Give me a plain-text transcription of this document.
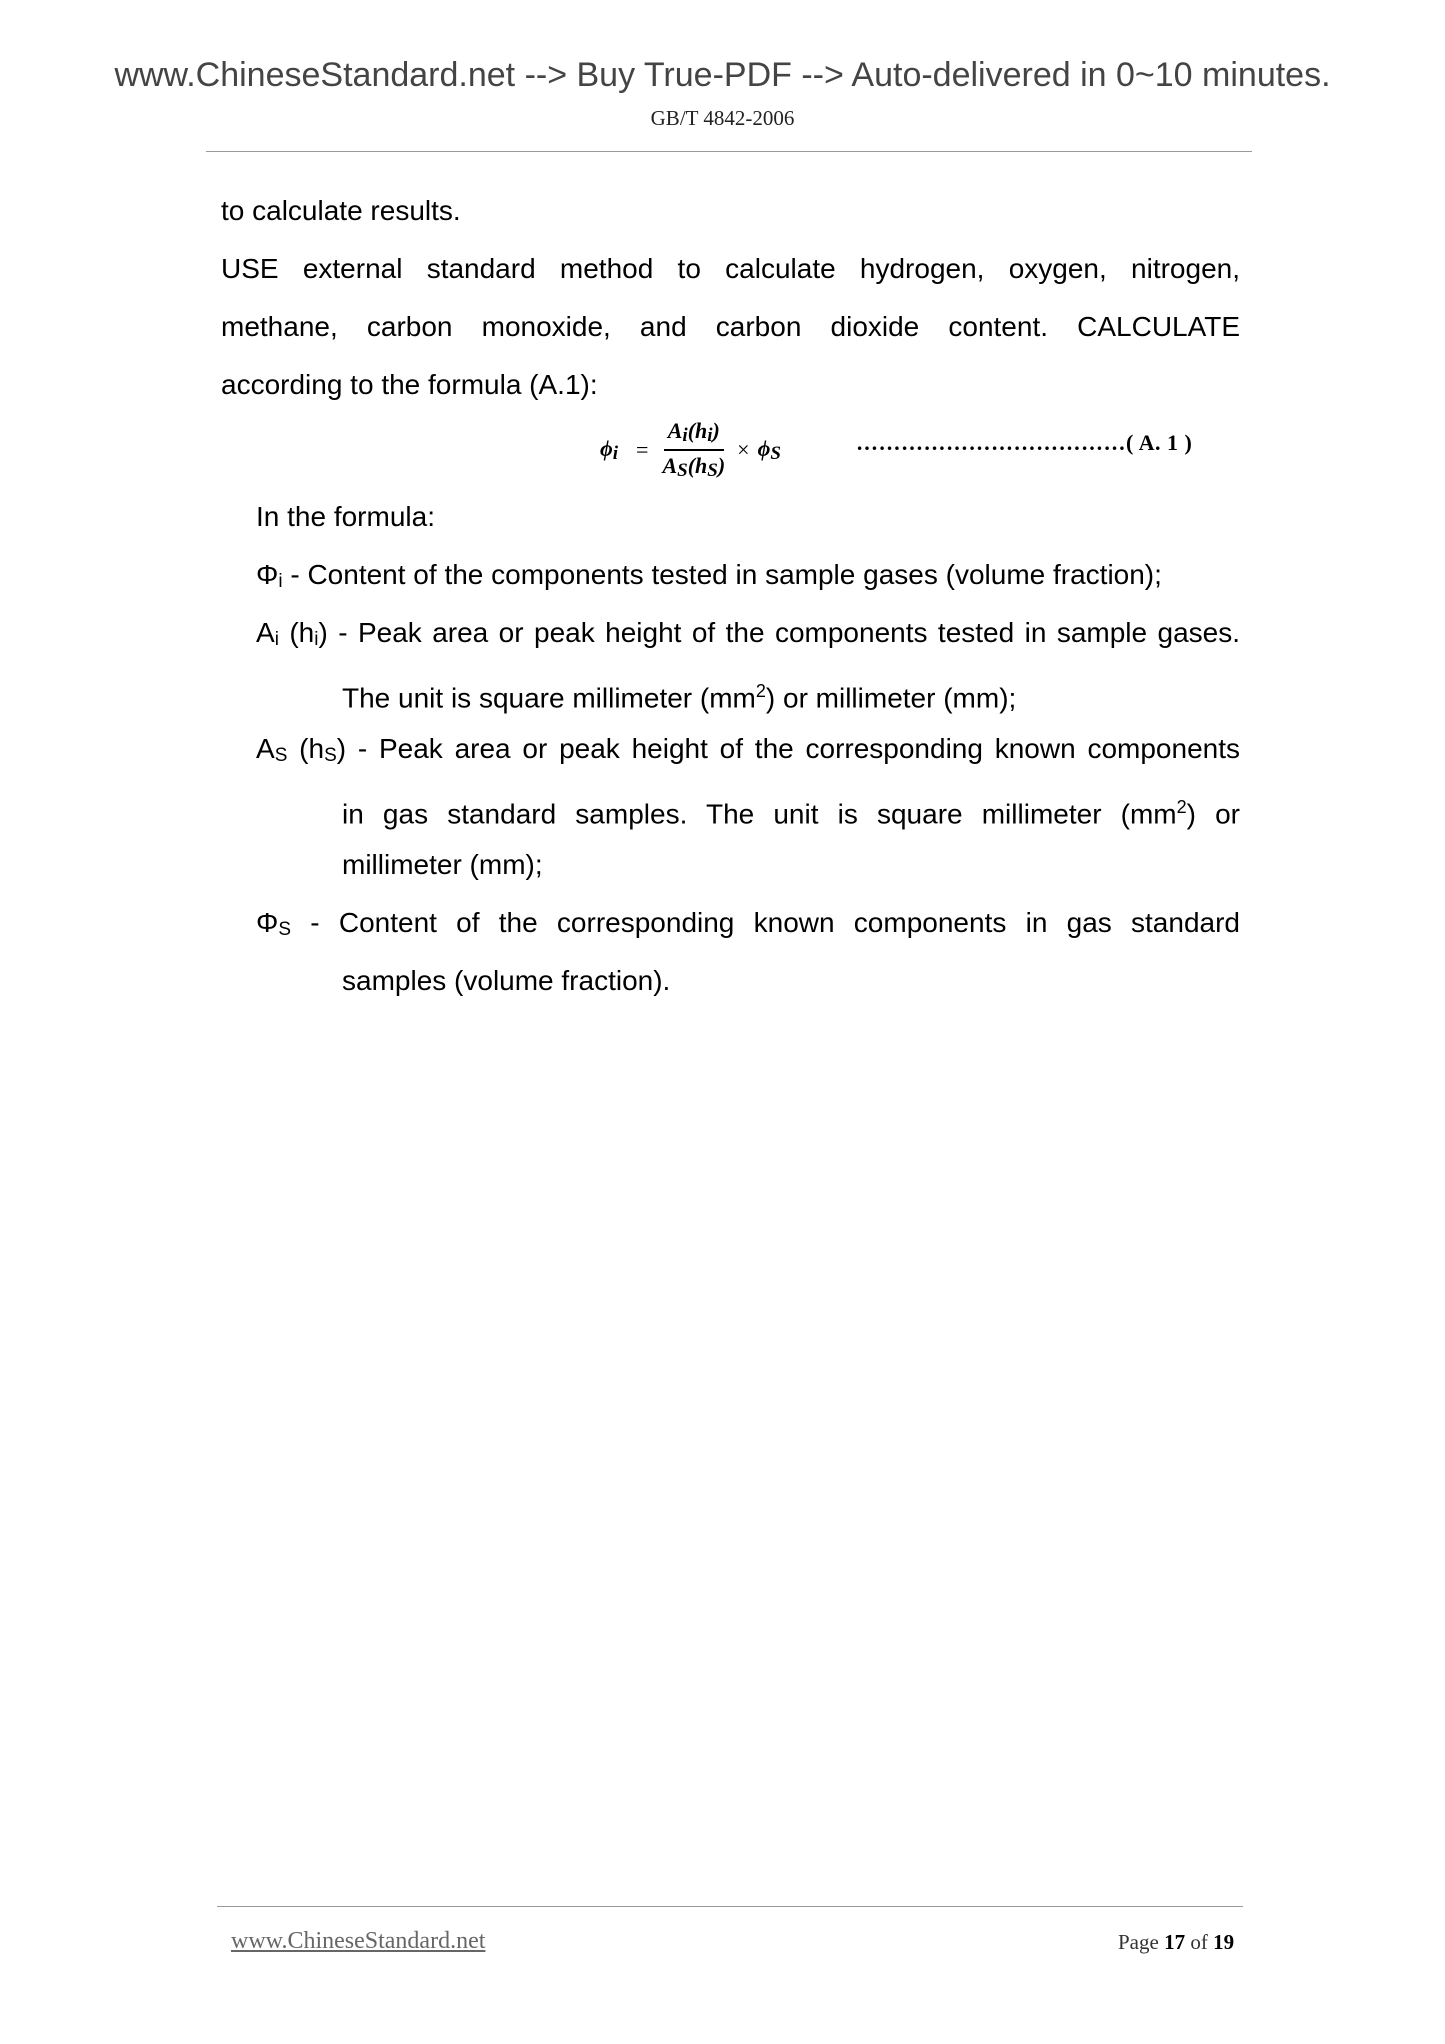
www.ChineseStandard.net --> Buy True-PDF --> Auto-delivered in 0~10 minutes.
GB/T 4842-2006
to calculate results.
USE external standard method to calculate hydrogen, oxygen, nitrogen,
methane, carbon monoxide, and carbon dioxide content. CALCULATE
according to the formula (A.1):
$\phi_i = \frac{A_i(h_i)}{A_S(h_S)} \times \phi_S$	………………………………( A. 1 )
In the formula:
$\Phi_i$ - Content of the components tested in sample gases (volume fraction);
$A_i$ $(h_i)$ - Peak area or peak height of the components tested in sample gases.
The unit is square millimeter $(mm^2)$ or millimeter (mm);
$A_S$ $(h_S)$ - Peak area or peak height of the corresponding known components
in gas standard samples. The unit is square millimeter $(mm^2)$ or
millimeter (mm);
$\Phi_S$ - Content of the corresponding known components in gas standard
samples (volume fraction).
www.ChineseStandard.net	Page 17 of 19
